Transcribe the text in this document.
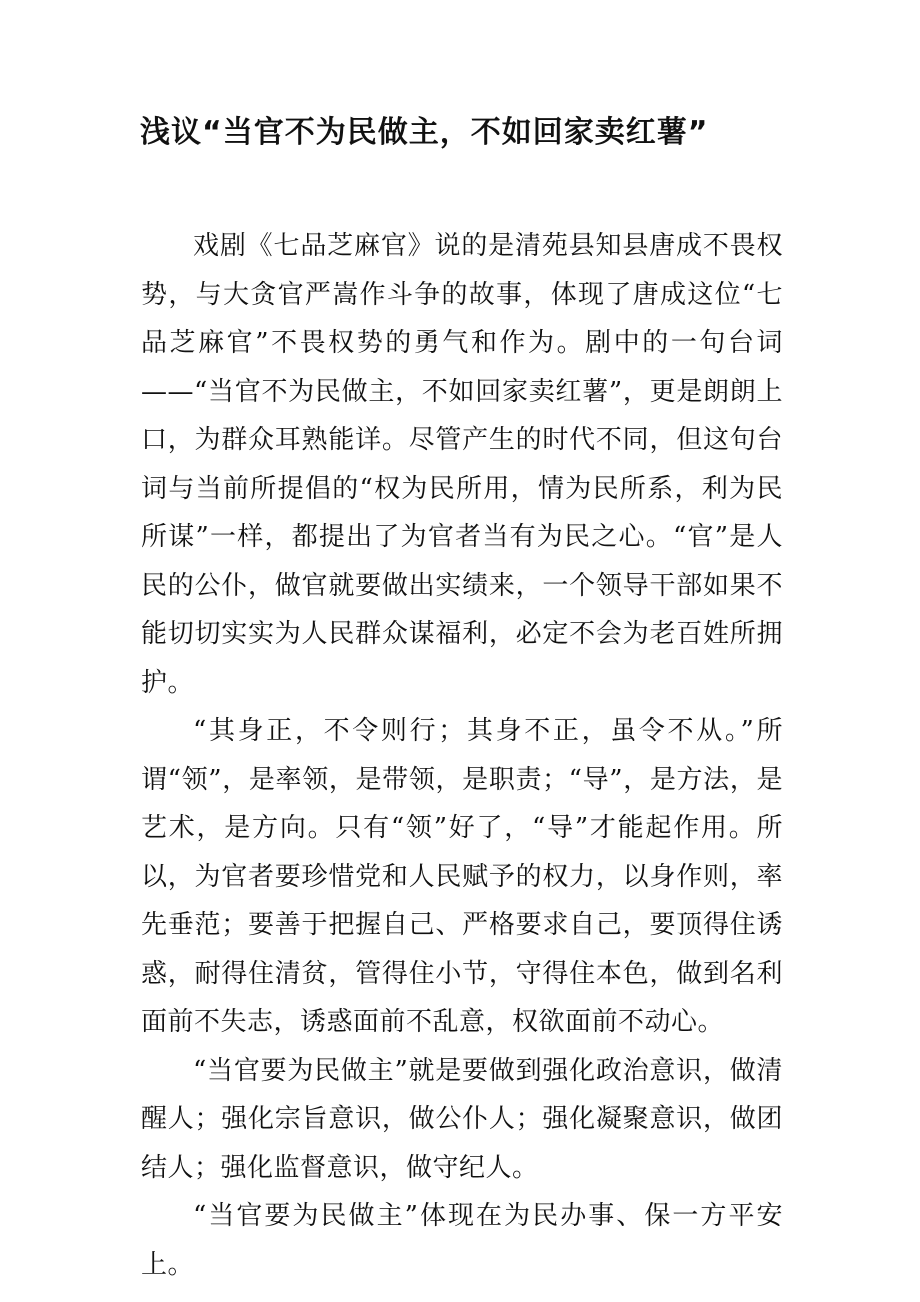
浅议“当官不为民做主，不如回家卖红薯”

戏剧《七品芝麻官》说的是清苑县知县唐成不畏权势，与大贪官严嵩作斗争的故事，体现了唐成这位“七品芝麻官”不畏权势的勇气和作为。剧中的一句台词——“当官不为民做主，不如回家卖红薯”，更是朗朗上口，为群众耳熟能详。尽管产生的时代不同，但这句台词与当前所提倡的“权为民所用，情为民所系，利为民所谋”一样，都提出了为官者当有为民之心。“官”是人民的公仆，做官就要做出实绩来，一个领导干部如果不能切切实实为人民群众谋福利，必定不会为老百姓所拥护。

“其身正，不令则行；其身不正，虽令不从。”所谓“领”，是率领，是带领，是职责；“导”，是方法，是艺术，是方向。只有“领”好了，“导”才能起作用。所以，为官者要珍惜党和人民赋予的权力，以身作则，率先垂范；要善于把握自己、严格要求自己，要顶得住诱惑，耐得住清贫，管得住小节，守得住本色，做到名利面前不失志，诱惑面前不乱意，权欲面前不动心。

“当官要为民做主”就是要做到强化政治意识，做清醒人；强化宗旨意识，做公仆人；强化凝聚意识，做团结人；强化监督意识，做守纪人。

“当官要为民做主”体现在为民办事、保一方平安上。
